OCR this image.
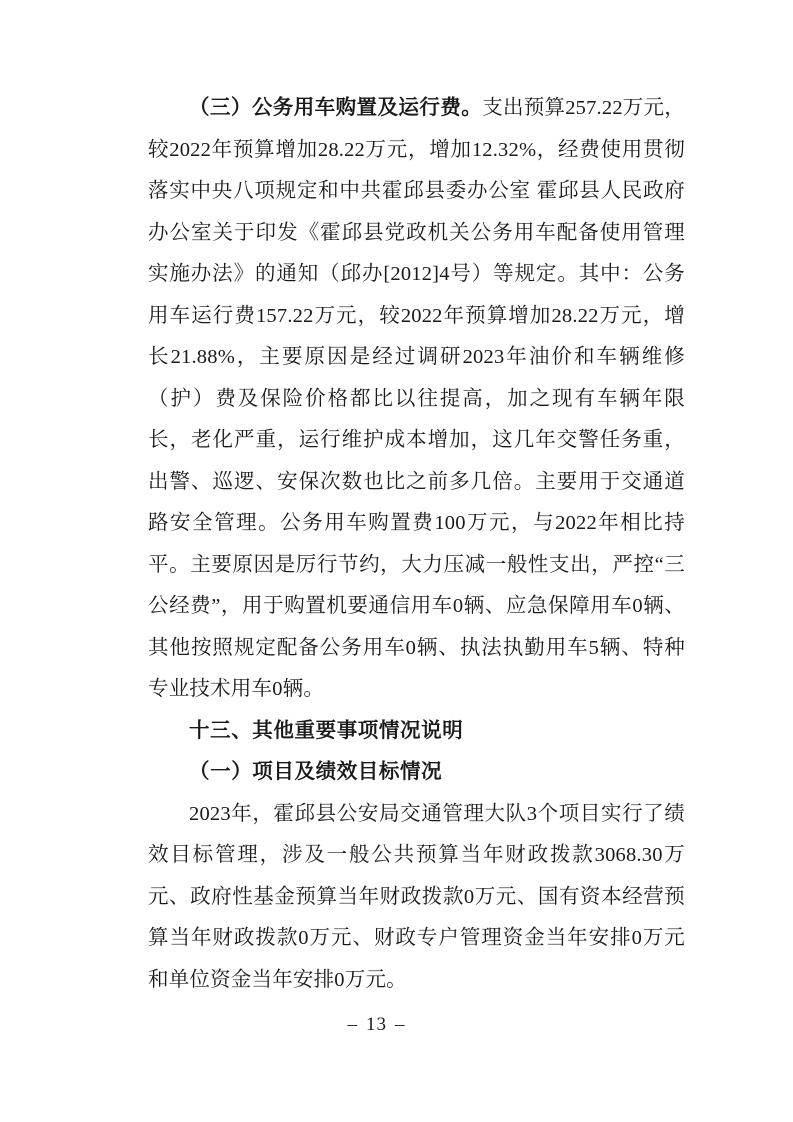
（三）公务用车购置及运行费。支出预算257.22万元，较2022年预算增加28.22万元，增加12.32%，经费使用贯彻落实中央八项规定和中共霍邱县委办公室 霍邱县人民政府办公室关于印发《霍邱县党政机关公务用车配备使用管理实施办法》的通知（邱办[2012]4号）等规定。其中：公务用车运行费157.22万元，较2022年预算增加28.22万元，增长21.88%，主要原因是经过调研2023年油价和车辆维修（护）费及保险价格都比以往提高，加之现有车辆年限长，老化严重，运行维护成本增加，这几年交警任务重，出警、巡逻、安保次数也比之前多几倍。主要用于交通道路安全管理。公务用车购置费100万元，与2022年相比持平。主要原因是厉行节约，大力压减一般性支出，严控“三公经费”，用于购置机要通信用车0辆、应急保障用车0辆、其他按照规定配备公务用车0辆、执法执勤用车5辆、特种专业技术用车0辆。

十三、其他重要事项情况说明

（一）项目及绩效目标情况

2023年，霍邱县公安局交通管理大队3个项目实行了绩效目标管理，涉及一般公共预算当年财政拨款3068.30万元、政府性基金预算当年财政拨款0万元、国有资本经营预算当年财政拨款0万元、财政专户管理资金当年安排0万元和单位资金当年安排0万元。

– 13 –
